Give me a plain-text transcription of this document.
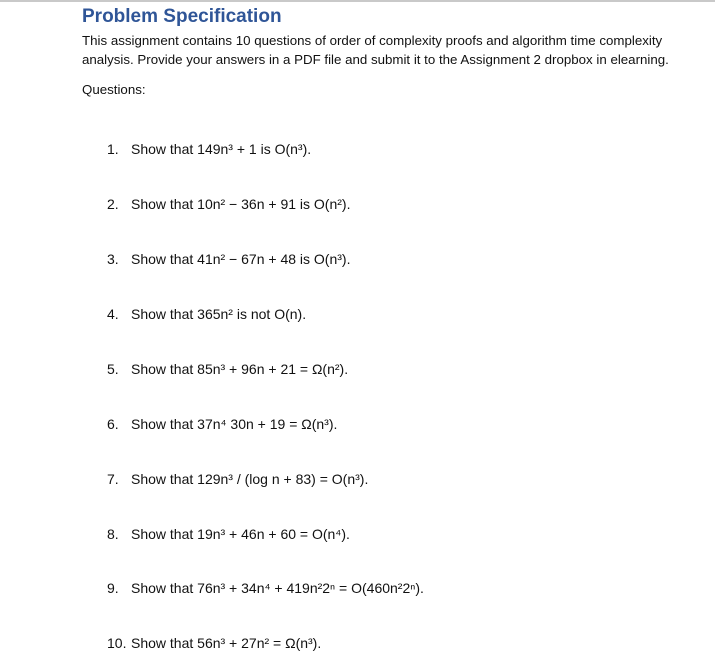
Problem Specification
This assignment contains 10 questions of order of complexity proofs and algorithm time complexity
analysis. Provide your answers in a PDF file and submit it to the Assignment 2 dropbox in elearning.
Questions:
1. Show that 149n³ + 1 is O(n³).
2. Show that 10n² − 36n + 91 is O(n²).
3. Show that 41n² − 67n + 48 is O(n³).
4. Show that 365n² is not O(n).
5. Show that 85n³ + 96n + 21 = Ω(n²).
6. Show that 37n⁴ 30n + 19 = Ω(n³).
7. Show that 129n³ / (log n + 83) = O(n³).
8. Show that 19n³ + 46n + 60 = O(n⁴).
9. Show that 76n³ + 34n⁴ + 419n²2ⁿ = O(460n²2ⁿ).
10. Show that 56n³ + 27n² = Ω(n³).
